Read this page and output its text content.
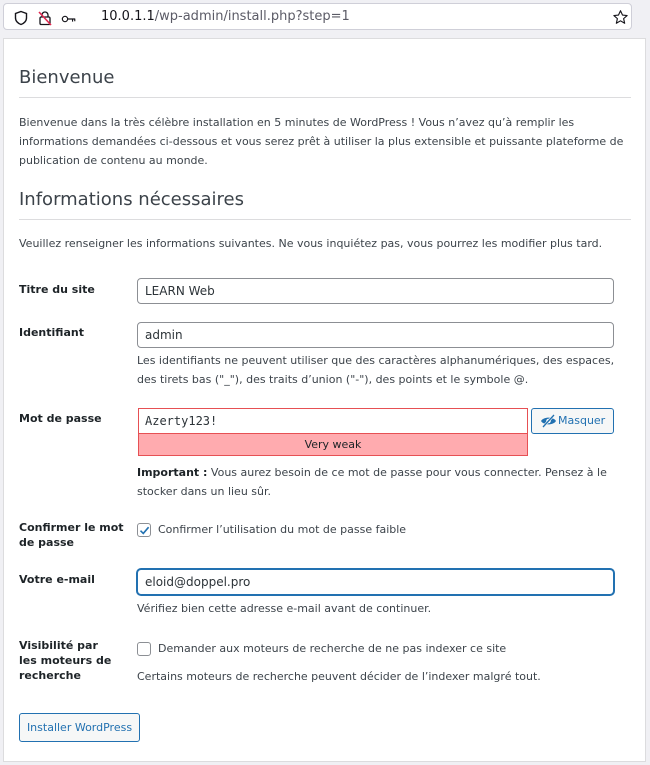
10.0.1.1/wp-admin/install.php?step=1
Bienvenue

Bienvenue dans la très célèbre installation en 5 minutes de WordPress ! Vous n’avez qu’à remplir les informations demandées ci-dessous et vous serez prêt à utiliser la plus extensible et puissante plateforme de publication de contenu au monde.

Informations nécessaires

Veuillez renseigner les informations suivantes. Ne vous inquiétez pas, vous pourrez les modifier plus tard.

Titre du site
LEARN Web
Identifiant
admin

Les identifiants ne peuvent utiliser que des caractères alphanumériques, des espaces, des tirets bas ("_"), des traits d’union ("-"), des points et le symbole @.

Mot de passe	Azerty123!
Very weak
Masquer

Important : Vous aurez besoin de ce mot de passe pour vous connecter. Pensez à le stocker dans un lieu sûr.

Confirmer le mot de passe
Confirmer l’utilisation du mot de passe faible
Votre e-mail
eloid@doppel.pro

Vérifiez bien cette adresse e-mail avant de continuer.

Visibilité par les moteurs de recherche
Demander aux moteurs de recherche de ne pas indexer ce site

Certains moteurs de recherche peuvent décider de l’indexer malgré tout.

Installer WordPress
